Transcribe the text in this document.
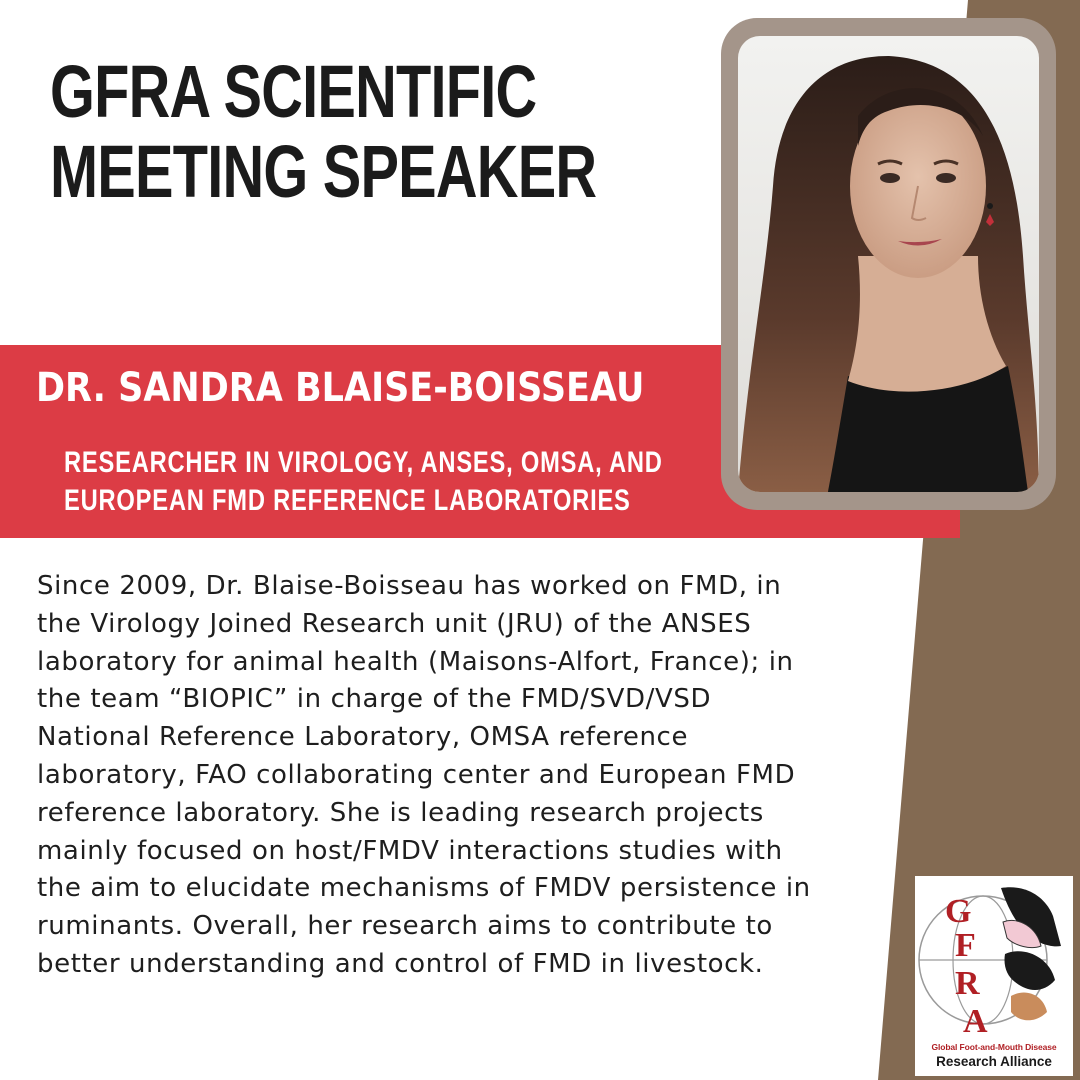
GFRA SCIENTIFIC
MEETING SPEAKER
DR. SANDRA BLAISE-BOISSEAU

RESEARCHER IN VIROLOGY, ANSES, OMSA, AND
EUROPEAN FMD REFERENCE LABORATORIES

Since 2009, Dr. Blaise-Boisseau has worked on FMD, in
the Virology Joined Research unit (JRU) of the ANSES
laboratory for animal health (Maisons-Alfort, France); in
the team “BIOPIC” in charge of the FMD/SVD/VSD
National Reference Laboratory, OMSA reference
laboratory, FAO collaborating center and European FMD
reference laboratory. She is leading research projects
mainly focused on host/FMDV interactions studies with
the aim to elucidate mechanisms of FMDV persistence in
ruminants. Overall, her research aims to contribute to
better understanding and control of FMD in livestock.

G
F
R
A
Global Foot-and-Mouth Disease
Research Alliance
